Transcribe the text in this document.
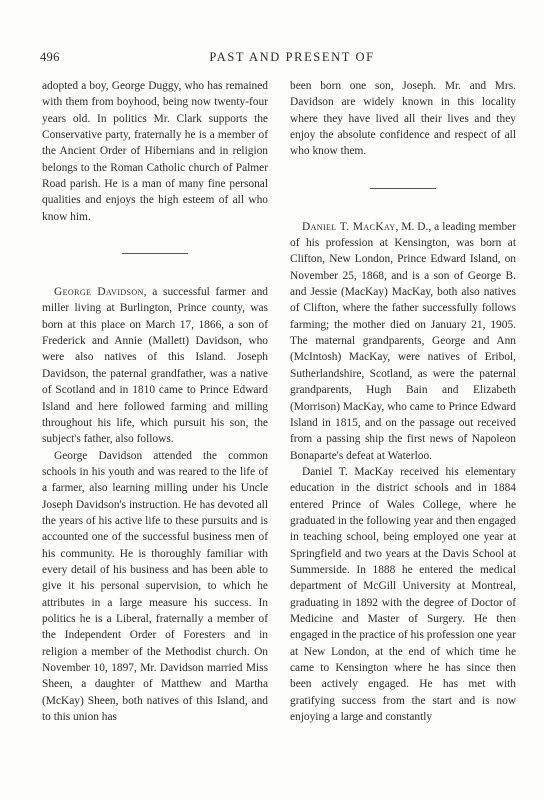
496	PAST AND PRESENT OF

adopted a boy, George Duggy, who has remained with them from boyhood, being now twenty-four years old. In politics Mr. Clark supports the Conservative party, fraternally he is a member of the Ancient Order of Hibernians and in religion belongs to the Roman Catholic church of Palmer Road parish. He is a man of many fine personal qualities and enjoys the high esteem of all who know him.

George Davidson, a successful farmer and miller living at Burlington, Prince county, was born at this place on March 17, 1866, a son of Frederick and Annie (Mallett) Davidson, who were also natives of this Island. Joseph Davidson, the paternal grandfather, was a native of Scotland and in 1810 came to Prince Edward Island and here followed farming and milling throughout his life, which pursuit his son, the subject's father, also follows.

George Davidson attended the common schools in his youth and was reared to the life of a farmer, also learning milling under his Uncle Joseph Davidson's instruction. He has devoted all the years of his active life to these pursuits and is accounted one of the successful business men of his community. He is thoroughly familiar with every detail of his business and has been able to give it his personal supervision, to which he attributes in a large measure his success. In politics he is a Liberal, fraternally a member of the Independent Order of Foresters and in religion a member of the Methodist church. On November 10, 1897, Mr. Davidson married Miss Sheen, a daughter of Matthew and Martha (McKay) Sheen, both natives of this Island, and to this union has

been born one son, Joseph. Mr. and Mrs. Davidson are widely known in this locality where they have lived all their lives and they enjoy the absolute confidence and respect of all who know them.

Daniel T. MacKay, M. D., a leading member of his profession at Kensington, was born at Clifton, New London, Prince Edward Island, on November 25, 1868, and is a son of George B. and Jessie (MacKay) MacKay, both also natives of Clifton, where the father successfully follows farming; the mother died on January 21, 1905. The maternal grandparents, George and Ann (McIntosh) MacKay, were natives of Eribol, Sutherlandshire, Scotland, as were the paternal grandparents, Hugh Bain and Elizabeth (Morrison) MacKay, who came to Prince Edward Island in 1815, and on the passage out received from a passing ship the first news of Napoleon Bonaparte's defeat at Waterloo.

Daniel T. MacKay received his elementary education in the district schools and in 1884 entered Prince of Wales College, where he graduated in the following year and then engaged in teaching school, being employed one year at Springfield and two years at the Davis School at Summerside. In 1888 he entered the medical department of McGill University at Montreal, graduating in 1892 with the degree of Doctor of Medicine and Master of Surgery. He then engaged in the practice of his profession one year at New London, at the end of which time he came to Kensington where he has since then been actively engaged. He has met with gratifying success from the start and is now enjoying a large and constantly
